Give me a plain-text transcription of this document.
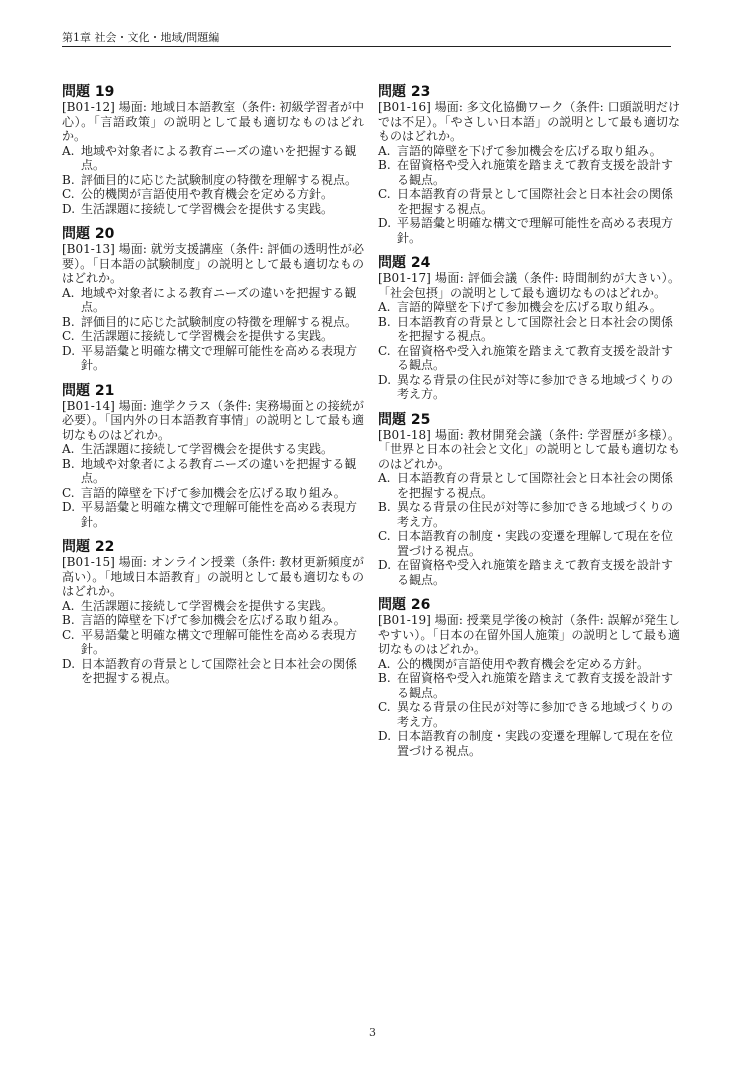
第1章 社会・文化・地域/問題編
問題 19
[B01-12] 場面: 地域日本語教室（条件: 初級学習者が中心）。「言語政策」の説明として最も適切なものはどれか。
A. 地域や対象者による教育ニーズの違いを把握する観点。
B. 評価目的に応じた試験制度の特徴を理解する視点。
C. 公的機関が言語使用や教育機会を定める方針。
D. 生活課題に接続して学習機会を提供する実践。
問題 20
[B01-13] 場面: 就労支援講座（条件: 評価の透明性が必要）。「日本語の試験制度」の説明として最も適切なものはどれか。
A. 地域や対象者による教育ニーズの違いを把握する観点。
B. 評価目的に応じた試験制度の特徴を理解する視点。
C. 生活課題に接続して学習機会を提供する実践。
D. 平易語彙と明確な構文で理解可能性を高める表現方針。
問題 21
[B01-14] 場面: 進学クラス（条件: 実務場面との接続が必要）。「国内外の日本語教育事情」の説明として最も適切なものはどれか。
A. 生活課題に接続して学習機会を提供する実践。
B. 地域や対象者による教育ニーズの違いを把握する観点。
C. 言語的障壁を下げて参加機会を広げる取り組み。
D. 平易語彙と明確な構文で理解可能性を高める表現方針。
問題 22
[B01-15] 場面: オンライン授業（条件: 教材更新頻度が高い）。「地域日本語教育」の説明として最も適切なものはどれか。
A. 生活課題に接続して学習機会を提供する実践。
B. 言語的障壁を下げて参加機会を広げる取り組み。
C. 平易語彙と明確な構文で理解可能性を高める表現方針。
D. 日本語教育の背景として国際社会と日本社会の関係を把握する視点。
問題 23
[B01-16] 場面: 多文化協働ワーク（条件: 口頭説明だけでは不足）。「やさしい日本語」の説明として最も適切なものはどれか。
A. 言語的障壁を下げて参加機会を広げる取り組み。
B. 在留資格や受入れ施策を踏まえて教育支援を設計する観点。
C. 日本語教育の背景として国際社会と日本社会の関係を把握する視点。
D. 平易語彙と明確な構文で理解可能性を高める表現方針。
問題 24
[B01-17] 場面: 評価会議（条件: 時間制約が大きい）。「社会包摂」の説明として最も適切なものはどれか。
A. 言語的障壁を下げて参加機会を広げる取り組み。
B. 日本語教育の背景として国際社会と日本社会の関係を把握する視点。
C. 在留資格や受入れ施策を踏まえて教育支援を設計する観点。
D. 異なる背景の住民が対等に参加できる地域づくりの考え方。
問題 25
[B01-18] 場面: 教材開発会議（条件: 学習歴が多様）。「世界と日本の社会と文化」の説明として最も適切なものはどれか。
A. 日本語教育の背景として国際社会と日本社会の関係を把握する視点。
B. 異なる背景の住民が対等に参加できる地域づくりの考え方。
C. 日本語教育の制度・実践の変遷を理解して現在を位置づける視点。
D. 在留資格や受入れ施策を踏まえて教育支援を設計する観点。
問題 26
[B01-19] 場面: 授業見学後の検討（条件: 誤解が発生しやすい）。「日本の在留外国人施策」の説明として最も適切なものはどれか。
A. 公的機関が言語使用や教育機会を定める方針。
B. 在留資格や受入れ施策を踏まえて教育支援を設計する観点。
C. 異なる背景の住民が対等に参加できる地域づくりの考え方。
D. 日本語教育の制度・実践の変遷を理解して現在を位置づける視点。
3
